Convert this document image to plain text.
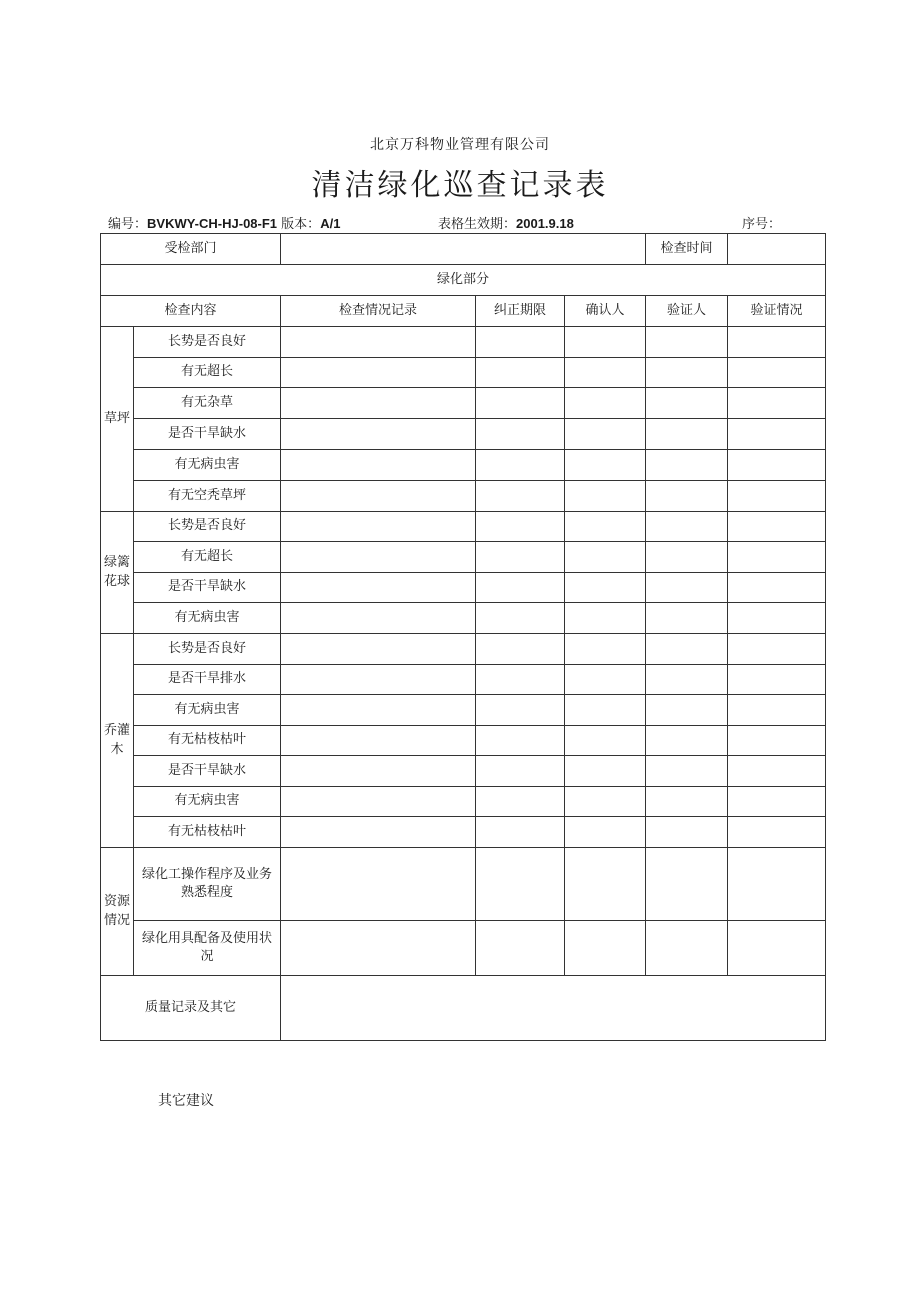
北京万科物业管理有限公司
清洁绿化巡查记录表
编号：BVKWY-CH-HJ-08-F1 版本：A/1	表格生效期：2001.9.18	序号：
受检部门					检查时间	
绿化部分						
检查内容		检查情况记录	纠正期限	确认人	验证人	验证情况
草坪	长势是否良好					
	有无超长					
	有无杂草					
	是否干旱缺水					
	有无病虫害					
	有无空秃草坪					
绿篱花球	长势是否良好					
	有无超长					
	是否干旱缺水					
	有无病虫害					
乔灌木	长势是否良好					
	是否干旱排水					
	有无病虫害					
	有无枯枝枯叶					
	是否干旱缺水					
	有无病虫害					
	有无枯枝枯叶					
资源情况	绿化工操作程序及业务熟悉程度					
	绿化用具配备及使用状况					
质量记录及其它						
其它建议
